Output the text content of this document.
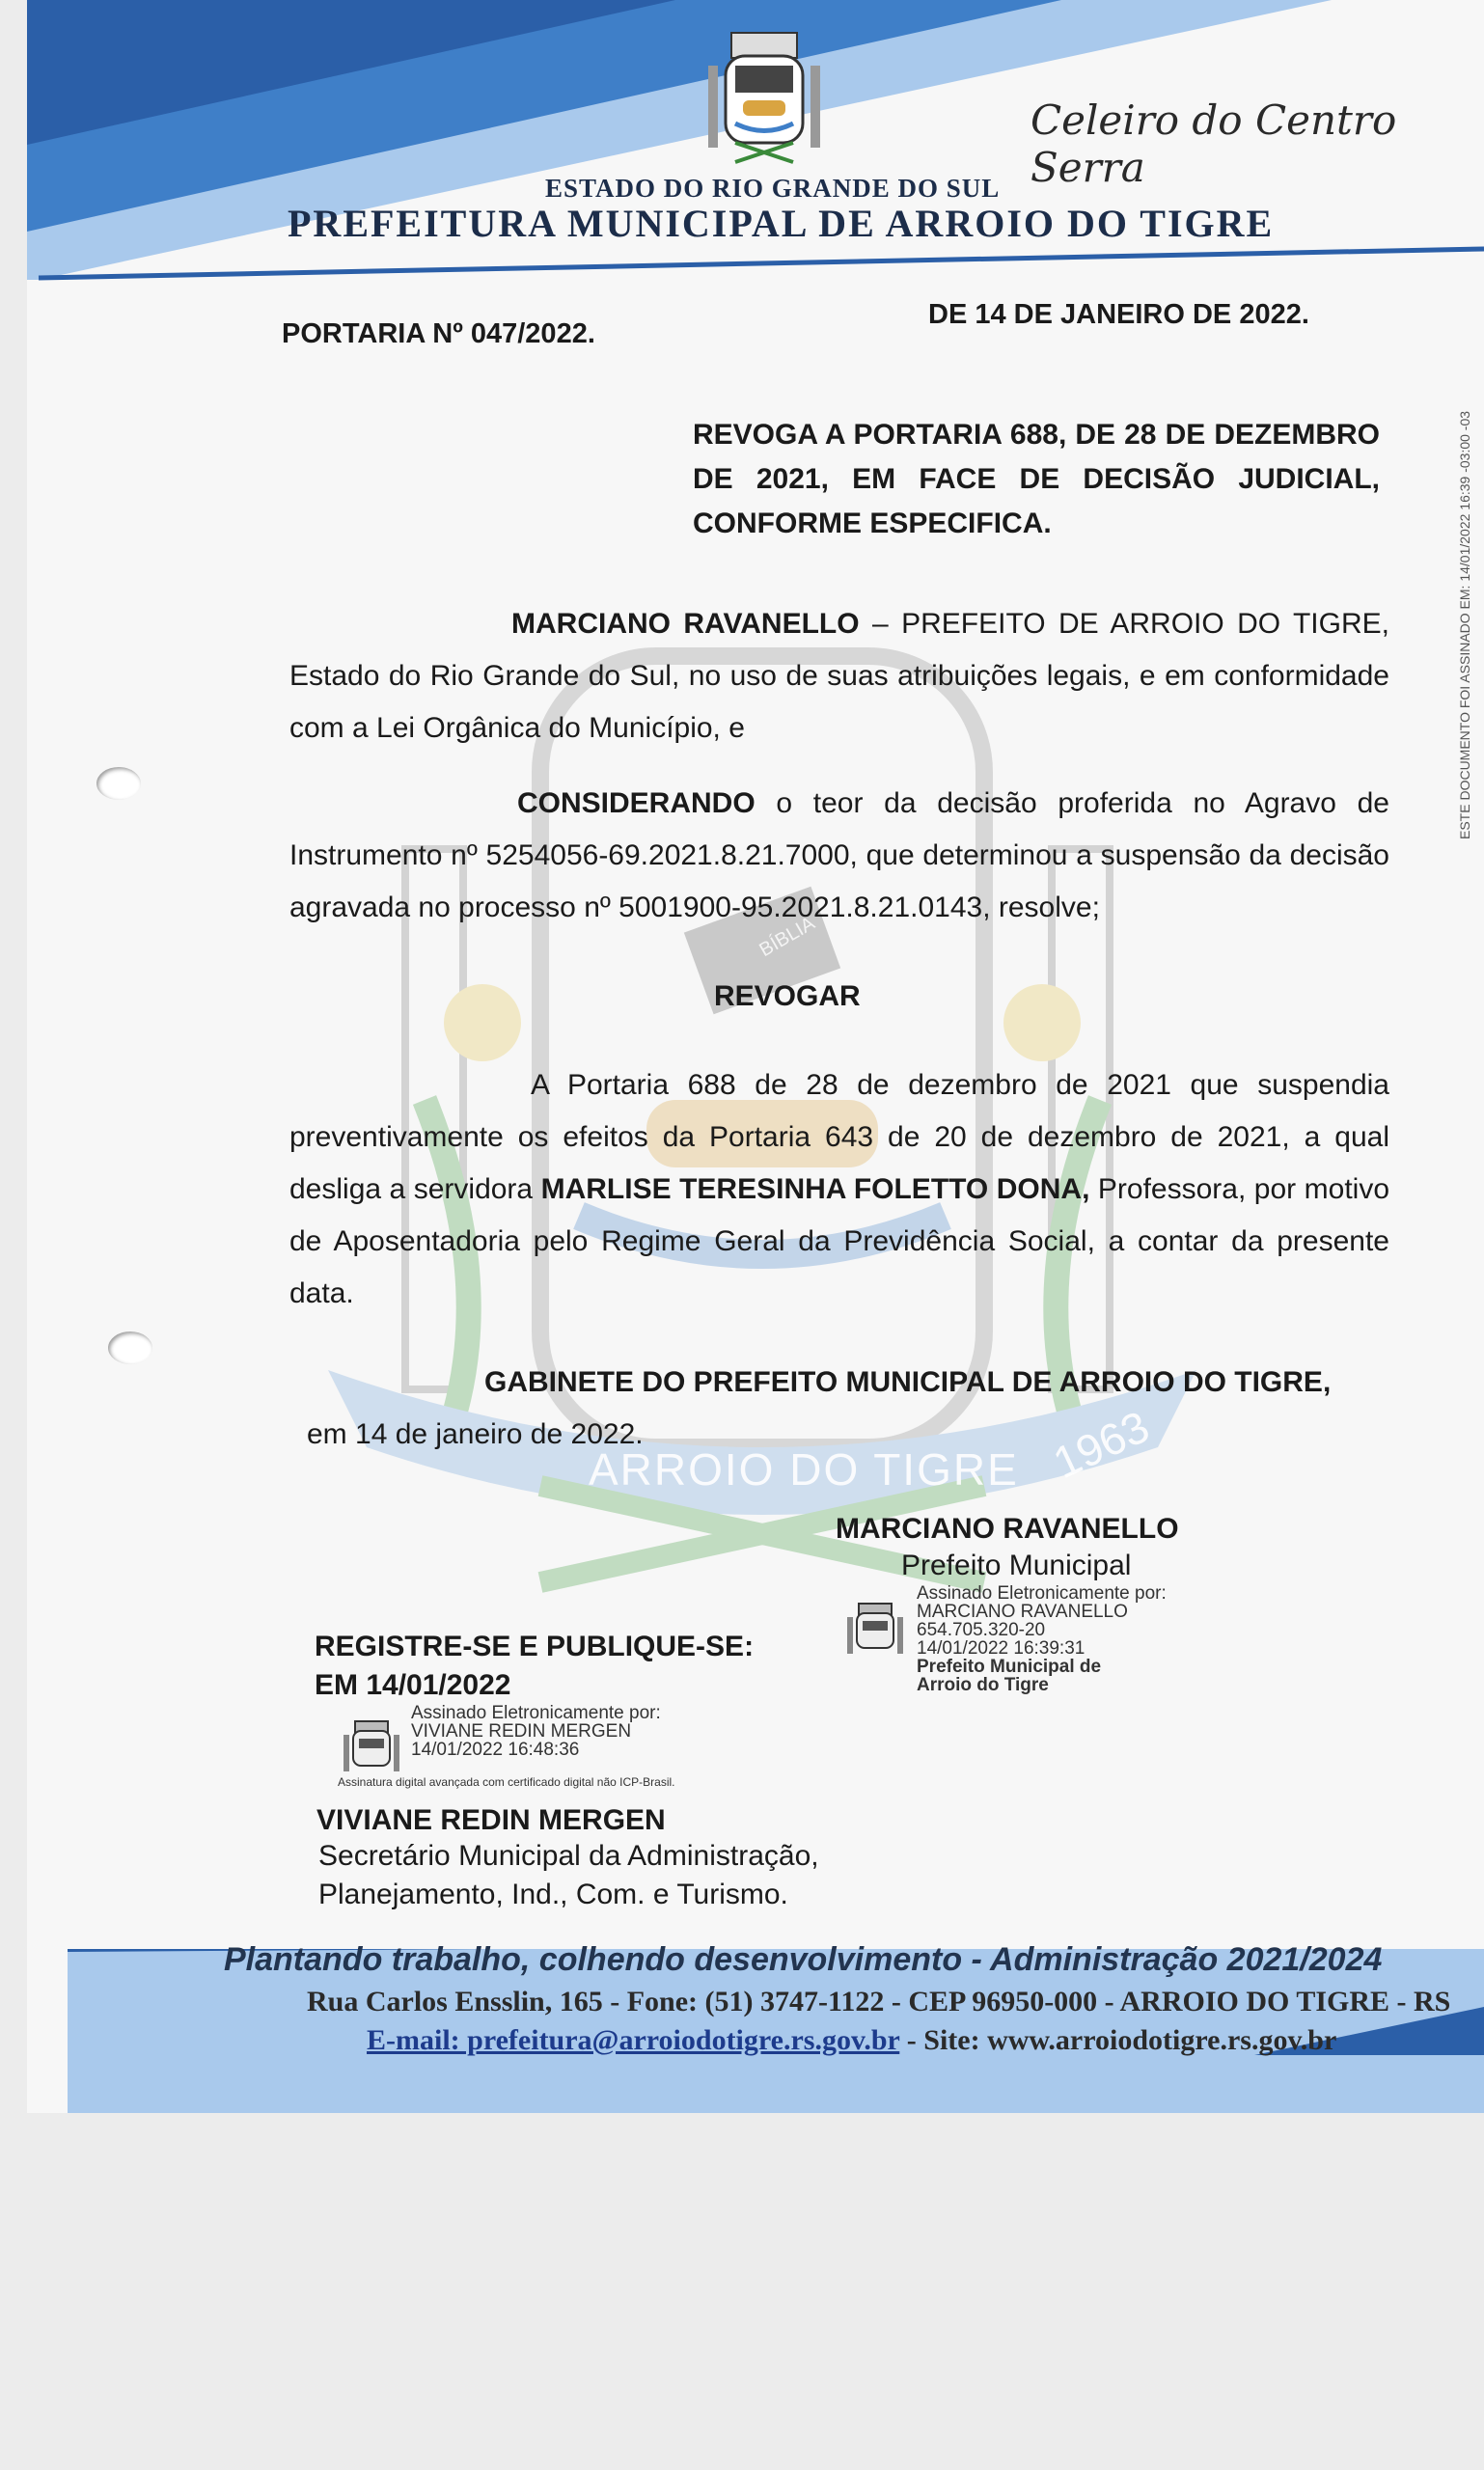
Celeiro do Centro Serra
ESTADO DO RIO GRANDE DO SUL
PREFEITURA MUNICIPAL DE ARROIO DO TIGRE
ARROIO DO TIGRE 1963
BÍBLIA
PORTARIA Nº 047/2022.
DE 14 DE JANEIRO DE 2022.
REVOGA A PORTARIA 688, DE 28 DE DEZEMBRO DE 2021, EM FACE DE DECISÃO JUDICIAL, CONFORME ESPECIFICA.
MARCIANO RAVANELLO – PREFEITO DE ARROIO DO TIGRE, Estado do Rio Grande do Sul, no uso de suas atribuições legais, e em conformidade com a Lei Orgânica do Município, e
CONSIDERANDO o teor da decisão proferida no Agravo de Instrumento nº 5254056-69.2021.8.21.7000, que determinou a suspensão da decisão agravada no processo nº 5001900-95.2021.8.21.0143, resolve;
REVOGAR
A Portaria 688 de 28 de dezembro de 2021 que suspendia preventivamente os efeitos da Portaria 643 de 20 de dezembro de 2021, a qual desliga a servidora MARLISE TERESINHA FOLETTO DONA, Professora, por motivo de Aposentadoria pelo Regime Geral da Previdência Social, a contar da presente data.
GABINETE DO PREFEITO MUNICIPAL DE ARROIO DO TIGRE,
em 14 de janeiro de 2022.
MARCIANO RAVANELLO
Prefeito Municipal
Assinado Eletronicamente por:
MARCIANO RAVANELLO
654.705.320-20
14/01/2022 16:39:31
Prefeito Municipal de
Arroio do Tigre
REGISTRE-SE E PUBLIQUE-SE:
EM 14/01/2022
Assinado Eletronicamente por:
VIVIANE REDIN MERGEN
14/01/2022 16:48:36
Assinatura digital avançada com certificado digital não ICP-Brasil.
VIVIANE REDIN MERGEN
Secretário Municipal da Administração,
Planejamento, Ind., Com. e Turismo.
Plantando trabalho, colhendo desenvolvimento - Administração 2021/2024
Rua Carlos Ensslin, 165 - Fone: (51) 3747-1122 - CEP 96950-000 - ARROIO DO TIGRE - RS
E-mail: prefeitura@arroiodotigre.rs.gov.br - Site: www.arroiodotigre.rs.gov.br
ESTE DOCUMENTO FOI ASSINADO EM: 14/01/2022 16:39 -03:00 -03
